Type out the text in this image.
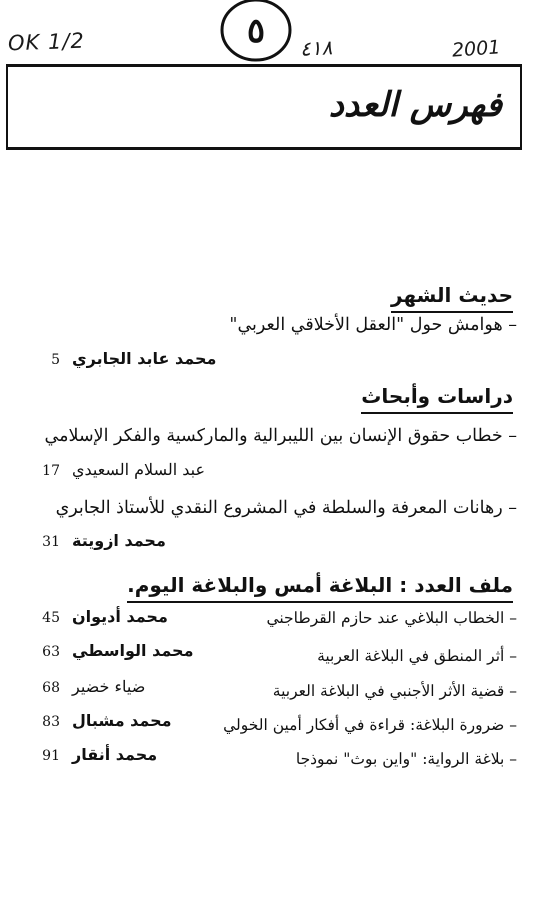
OK 1/2	٥ ٤١٨	2001
فهرس العدد
حديث الشهر
– هوامش حول "العقل الأخلاقي العربي"
5 محمد عابد الجابري
دراسات وأبحاث
– خطاب حقوق الإنسان بين الليبرالية والماركسية والفكر الإسلامي
17 عبد السلام السعيدي
– رهانات المعرفة والسلطة في المشروع النقدي للأستاذ الجابري
31 محمد ازويتة
ملف العدد : البلاغة أمس والبلاغة اليوم.
– الخطاب البلاغي عند حازم القرطاجني
45 محمد أديوان
– أثر المنطق في البلاغة العربية
63 محمد الواسطي
– قضية الأثر الأجنبي في البلاغة العربية
68 ضياء خضير
– ضرورة البلاغة: قراءة في أفكار أمين الخولي
83 محمد مشبال
– بلاغة الرواية: "واين بوث" نموذجا
91 محمد أنقار
